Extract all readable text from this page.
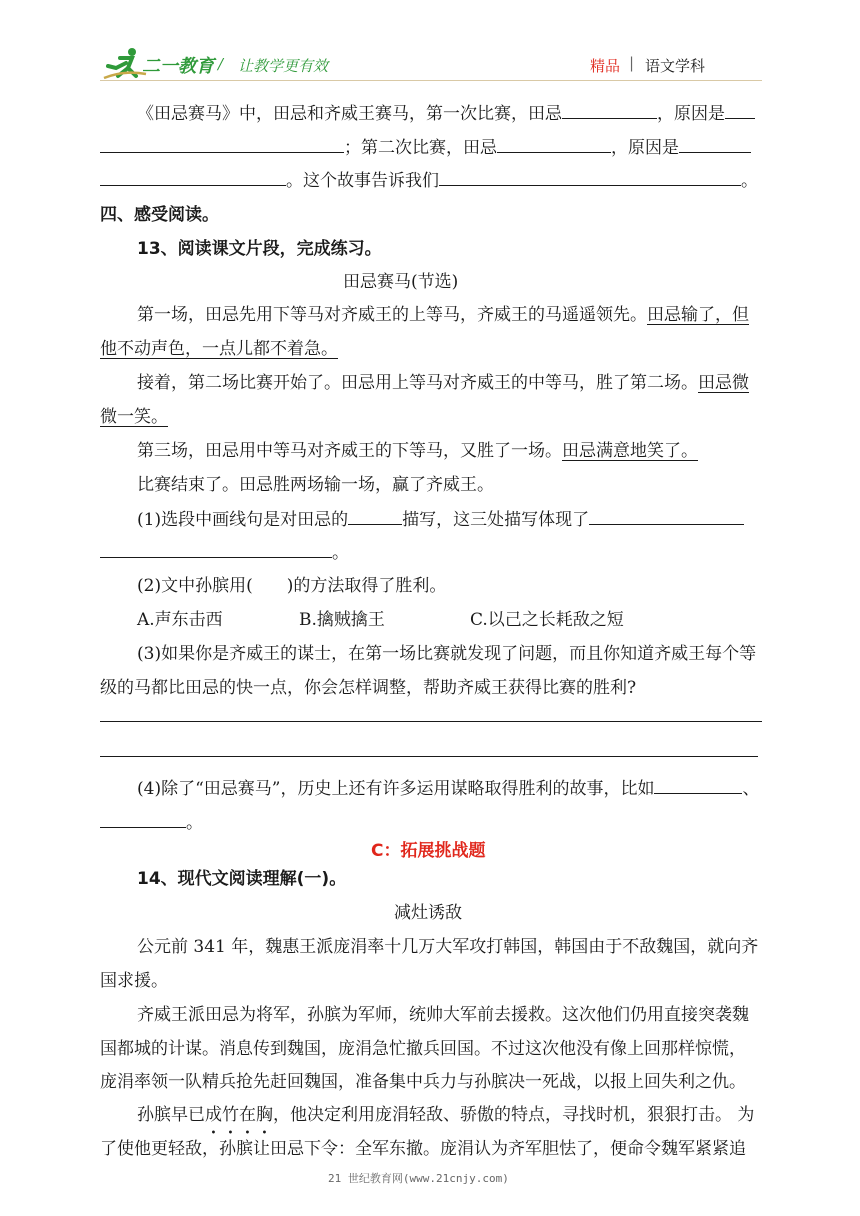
二一教育 / 让教学更有效	精品 | 语文学科
《田忌赛马》中，田忌和齐威王赛马，第一次比赛，田忌	，原因是
；第二次比赛，田忌	，原因是
。这个故事告诉我们	。
四、感受阅读。
13、阅读课文片段，完成练习。
田忌赛马(节选)
第一场，田忌先用下等马对齐威王的上等马，齐威王的马遥遥领先。田忌输了，但
他不动声色，一点儿都不着急。
接着，第二场比赛开始了。田忌用上等马对齐威王的中等马，胜了第二场。田忌微
微一笑。
第三场，田忌用中等马对齐威王的下等马，又胜了一场。田忌满意地笑了。
比赛结束了。田忌胜两场输一场，赢了齐威王。
(1)选段中画线句是对田忌的	描写，这三处描写体现了
。
(2)文中孙膑用(　　)的方法取得了胜利。
A.声东击西	B.擒贼擒王	C.以己之长耗敌之短
(3)如果你是齐威王的谋士，在第一场比赛就发现了问题，而且你知道齐威王每个等
级的马都比田忌的快一点，你会怎样调整，帮助齐威王获得比赛的胜利?
(4)除了“田忌赛马”，历史上还有许多运用谋略取得胜利的故事，比如	、
。
C：拓展挑战题
14、现代文阅读理解(一)。
减灶诱敌
公元前 341 年，魏惠王派庞涓率十几万大军攻打韩国，韩国由于不敌魏国，就向齐
国求援。
齐威王派田忌为将军，孙膑为军师，统帅大军前去援救。这次他们仍用直接突袭魏
国都城的计谋。消息传到魏国，庞涓急忙撤兵回国。不过这次他没有像上回那样惊慌，
庞涓率领一队精兵抢先赶回魏国，准备集中兵力与孙膑决一死战，以报上回失利之仇。
孙膑早已成竹在胸，他决定利用庞涓轻敌、骄傲的特点，寻找时机，狠狠打击。 为
了使他更轻敌，孙膑让田忌下令：全军东撤。庞涓认为齐军胆怯了，便命令魏军紧紧追
21 世纪教育网(www.21cnjy.com)
